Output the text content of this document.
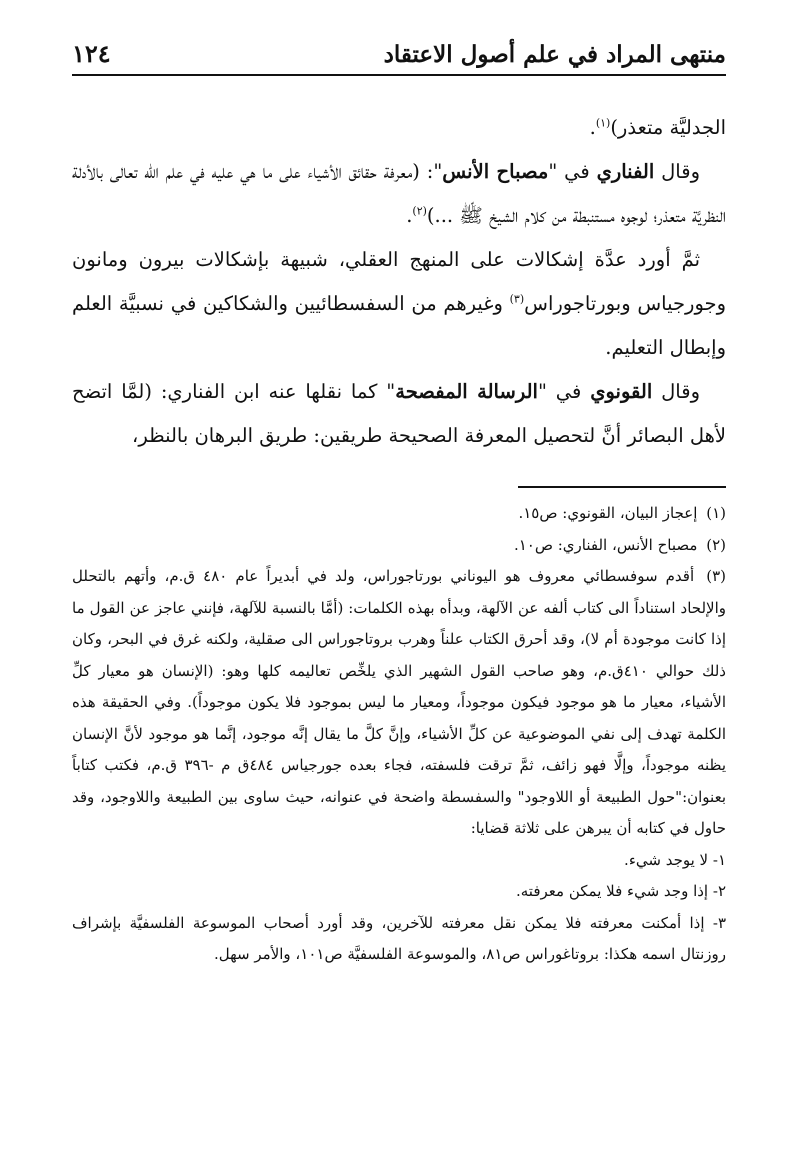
منتهى المراد في علم أصول الاعتقاد
١٢٤

الجدليَّة متعذر)$^{(١)}$.

وقال الفناري في "مصباح الأنس": (معرفة حقائق الأشياء على ما هي عليه في علم الله تعالى بالأدلة النظريَّة متعذر؛ لوجوه مستنبطة من كلام الشيخ ﷺ ...)$^{(٢)}$.

ثمَّ أورد عدَّة إشكالات على المنهج العقلي، شبيهة بإشكالات بيرون ومانون وجورجياس وبورتاجوراس$^{(٣)}$ وغيرهم من السفسطائيين والشكاكين في نسبيَّة العلم وإبطال التعليم.

وقال القونوي في "الرسالة المفصحة" كما نقلها عنه ابن الفناري: (لمَّا اتضح لأهل البصائر أنَّ لتحصيل المعرفة الصحيحة طريقين: طريق البرهان بالنظر،

(١) إعجاز البيان، القونوي: ص١٥.

(٢) مصباح الأنس، الفناري: ص١٠.

(٣) أقدم سوفسطائي معروف هو اليوناني بورتاجوراس، ولد في أبديراً عام ٤٨٠ ق.م، وأتهم بالتحلل والإلحاد استناداً الى كتاب ألفه عن الآلهة، وبدأه بهذه الكلمات: (أمَّا بالنسبة للآلهة، فإنني عاجز عن القول ما إذا كانت موجودة أم لا)، وقد أحرق الكتاب علناً وهرب بروتاجوراس الى صقلية، ولكنه غرق في البحر، وكان ذلك حوالي ٤١٠ق.م، وهو صاحب القول الشهير الذي يلخِّص تعاليمه كلها وهو: (الإنسان هو معيار كلِّ الأشياء، معيار ما هو موجود فيكون موجوداً، ومعيار ما ليس بموجود فلا يكون موجوداً). وفي الحقيقة هذه الكلمة تهدف إلى نفي الموضوعية عن كلِّ الأشياء، وإنَّ كلَّ ما يقال إنَّه موجود، إنَّما هو موجود لأنَّ الإنسان يظنه موجوداً، وإلَّا فهو زائف، ثمَّ ترقت فلسفته، فجاء بعده جورجياس ٤٨٤ق م -٣٩٦ ق.م، فكتب كتاباً بعنوان:"حول الطبيعة أو اللاوجود" والسفسطة واضحة في عنوانه، حيث ساوى بين الطبيعة واللاوجود، وقد حاول في كتابه أن يبرهن على ثلاثة قضايا:

١- لا يوجد شيء.

٢- إذا وجد شيء فلا يمكن معرفته.

٣- إذا أمكنت معرفته فلا يمكن نقل معرفته للآخرين، وقد أورد أصحاب الموسوعة الفلسفيَّة بإشراف روزنتال اسمه هكذا: بروتاغوراس ص٨١، والموسوعة الفلسفيَّة ص١٠١، والأمر سهل.
